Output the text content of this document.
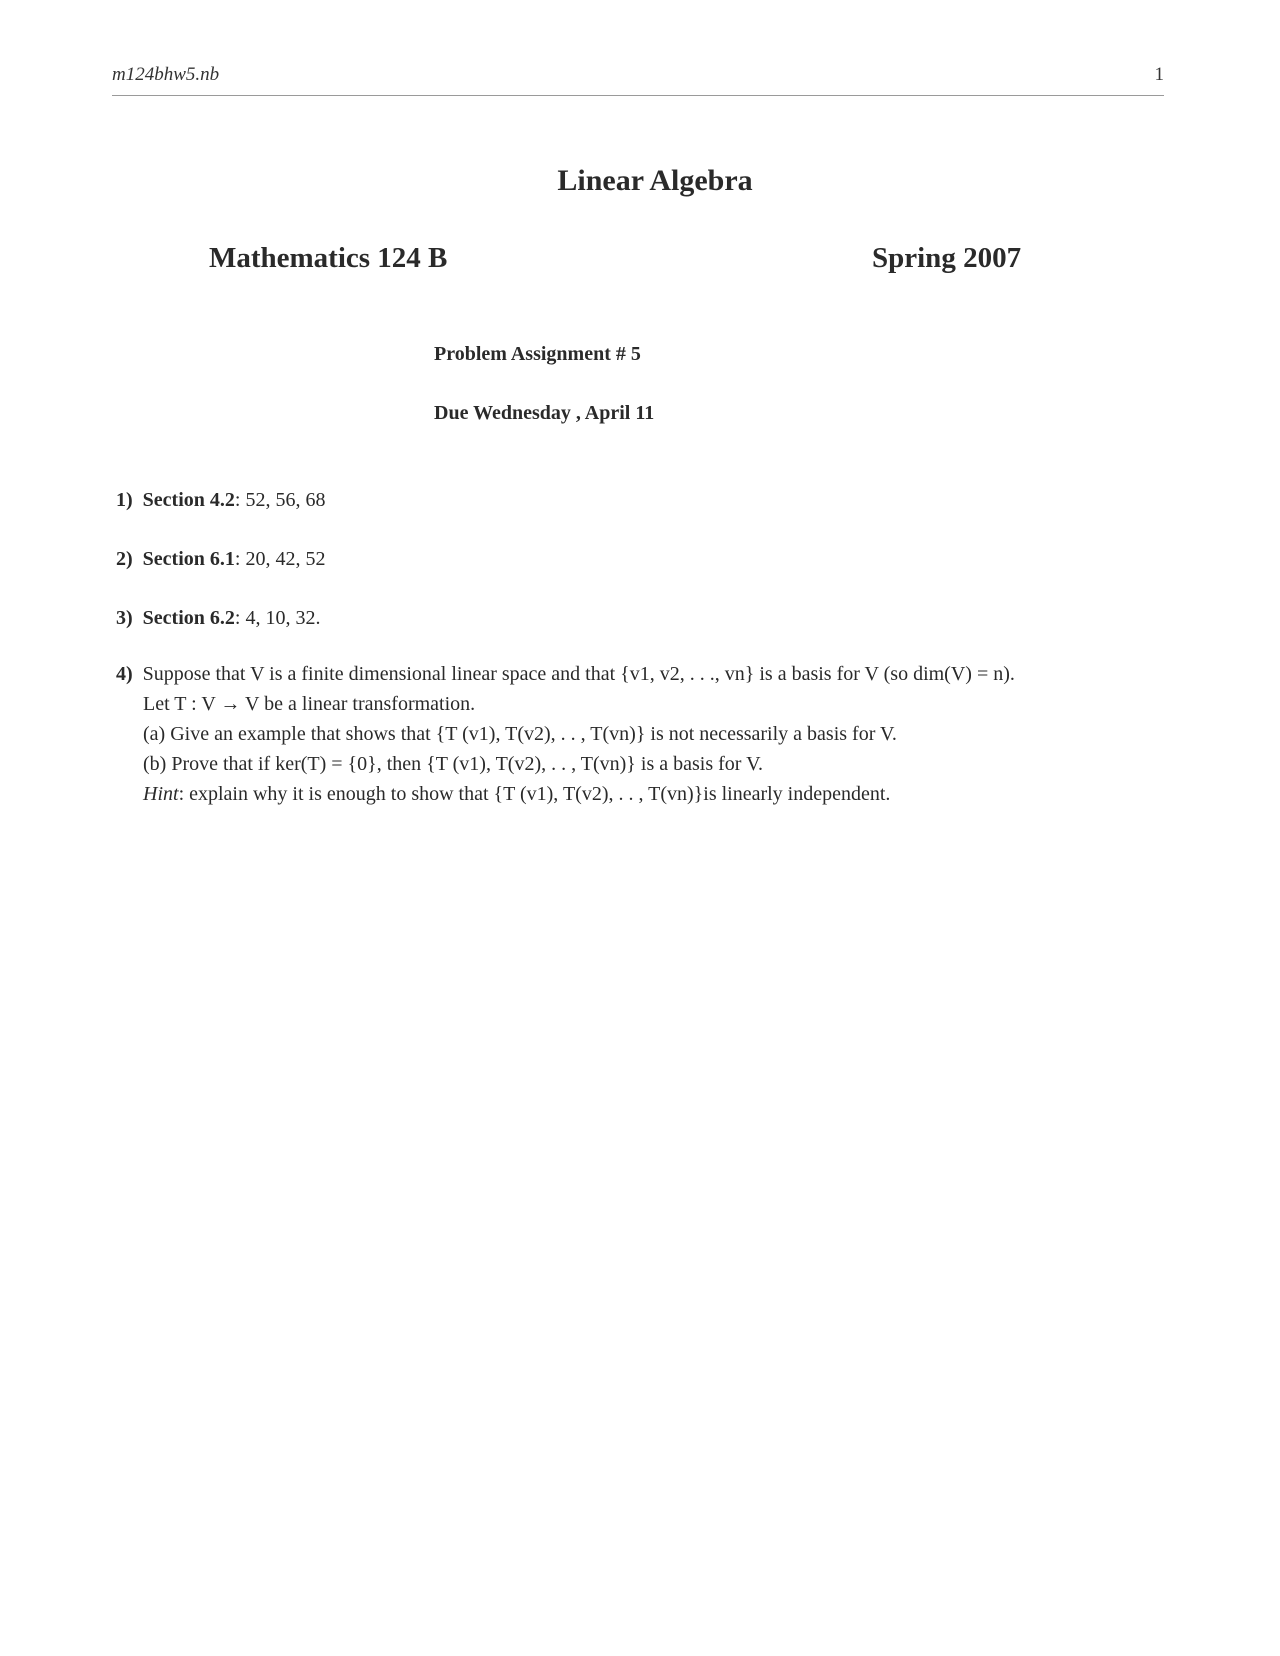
m124bhw5.nb	1
Linear Algebra
Mathematics 124 B	Spring 2007
Problem Assignment # 5
Due Wednesday , April 11
1) Section 4.2: 52, 56, 68
2) Section 6.1: 20, 42, 52
3) Section 6.2: 4, 10, 32.
4) Suppose that V is a finite dimensional linear space and that {v1, v2, . . ., vn} is a basis for V (so dim(V) = n).
Let T : V → V be a linear transformation.
(a) Give an example that shows that {T (v1), T(v2), . . , T(vn)} is not necessarily a basis for V.
(b) Prove that if ker(T) = {0}, then {T (v1), T(v2), . . , T(vn)} is a basis for V.
Hint: explain why it is enough to show that {T (v1), T(v2), . . , T(vn)}is linearly independent.
